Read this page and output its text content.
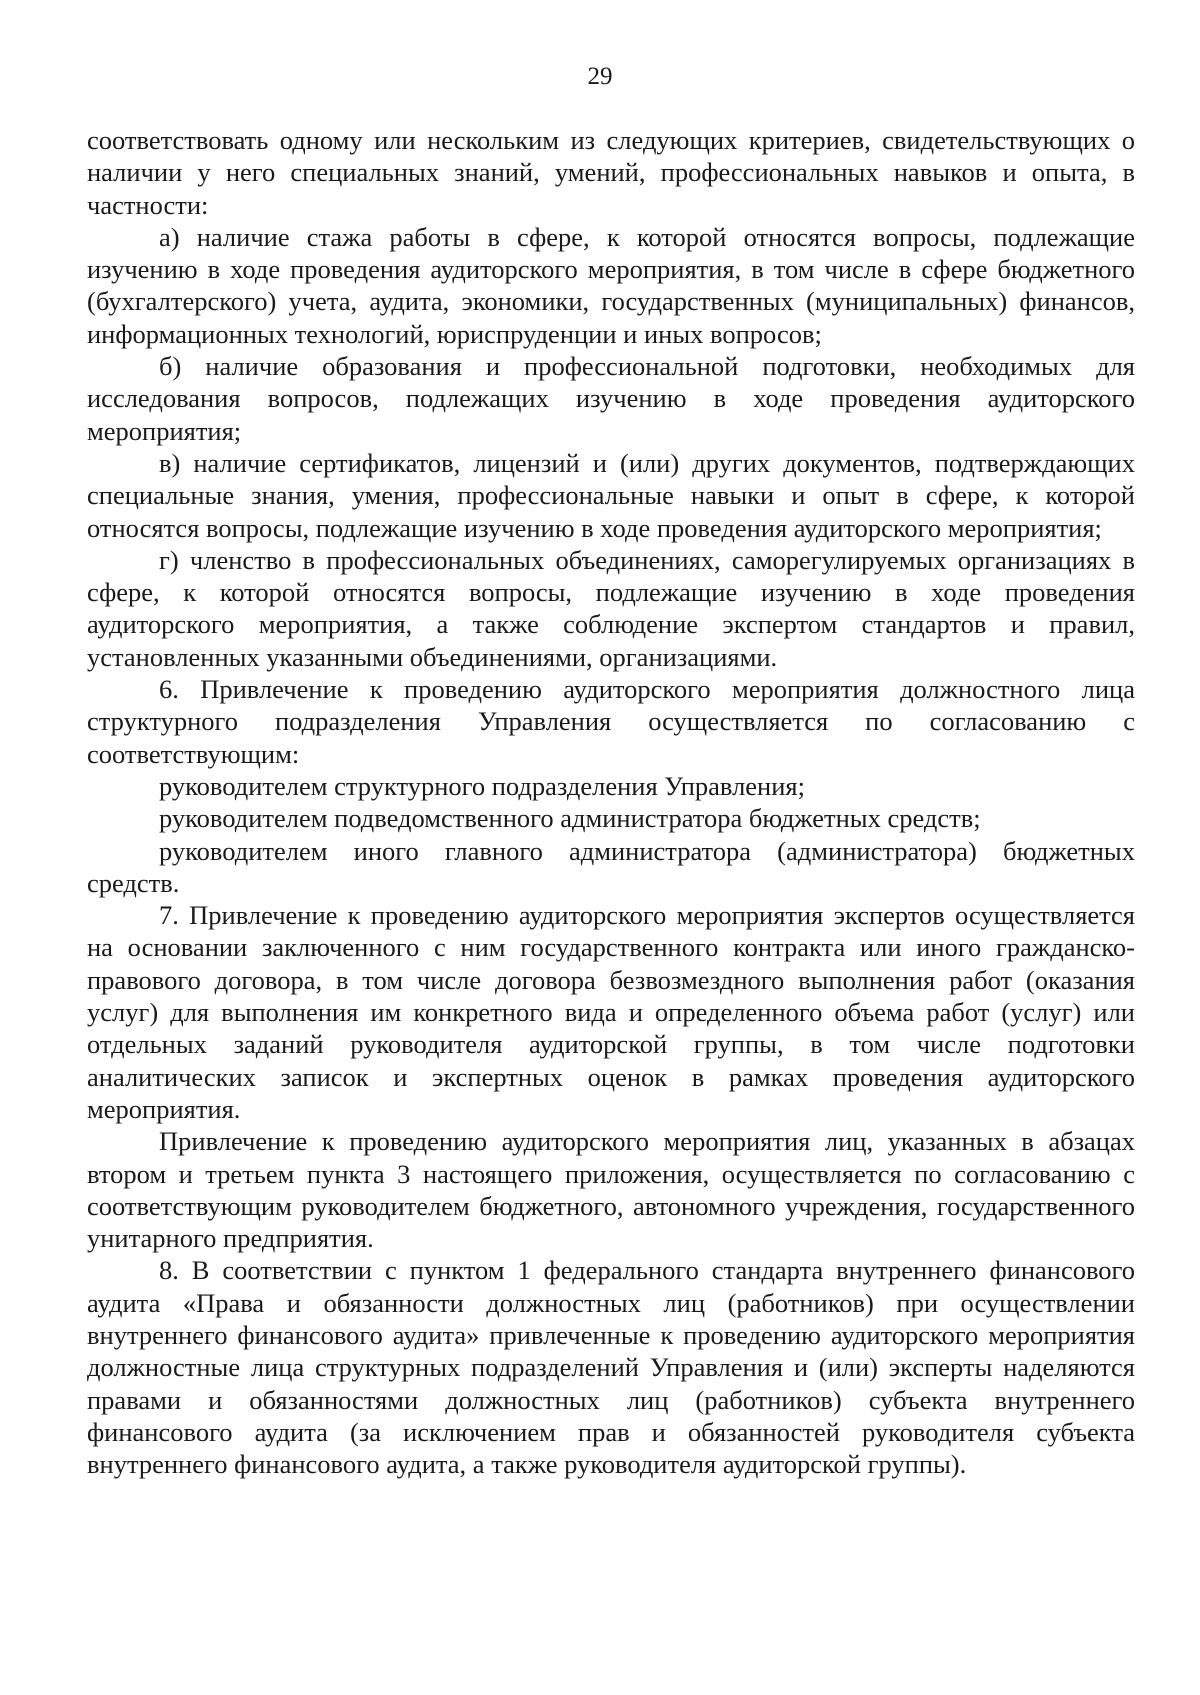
29

соответствовать одному или нескольким из следующих критериев, свидетельствующих о наличии у него специальных знаний, умений, профессиональных навыков и опыта, в частности:

а) наличие стажа работы в сфере, к которой относятся вопросы, подлежащие изучению в ходе проведения аудиторского мероприятия, в том числе в сфере бюджетного (бухгалтерского) учета, аудита, экономики, государственных (муниципальных) финансов, информационных технологий, юриспруденции и иных вопросов;

б) наличие образования и профессиональной подготовки, необходимых для исследования вопросов, подлежащих изучению в ходе проведения аудиторского мероприятия;

в) наличие сертификатов, лицензий и (или) других документов, подтверждающих специальные знания, умения, профессиональные навыки и опыт в сфере, к которой относятся вопросы, подлежащие изучению в ходе проведения аудиторского мероприятия;

г) членство в профессиональных объединениях, саморегулируемых организациях в сфере, к которой относятся вопросы, подлежащие изучению в ходе проведения аудиторского мероприятия, а также соблюдение экспертом стандартов и правил, установленных указанными объединениями, организациями.

6. Привлечение к проведению аудиторского мероприятия должностного лица структурного подразделения Управления осуществляется по согласованию с соответствующим:

руководителем структурного подразделения Управления;

руководителем подведомственного администратора бюджетных средств;

руководителем иного главного администратора (администратора) бюджетных средств.

7. Привлечение к проведению аудиторского мероприятия экспертов осуществляется на основании заключенного с ним государственного контракта или иного гражданско-правового договора, в том числе договора безвозмездного выполнения работ (оказания услуг) для выполнения им конкретного вида и определенного объема работ (услуг) или отдельных заданий руководителя аудиторской группы, в том числе подготовки аналитических записок и экспертных оценок в рамках проведения аудиторского мероприятия.

Привлечение к проведению аудиторского мероприятия лиц, указанных в абзацах втором и третьем пункта 3 настоящего приложения, осуществляется по согласованию с соответствующим руководителем бюджетного, автономного учреждения, государственного унитарного предприятия.

8. В соответствии с пунктом 1 федерального стандарта внутреннего финансового аудита «Права и обязанности должностных лиц (работников) при осуществлении внутреннего финансового аудита» привлеченные к проведению аудиторского мероприятия должностные лица структурных подразделений Управления и (или) эксперты наделяются правами и обязанностями должностных лиц (работников) субъекта внутреннего финансового аудита (за исключением прав и обязанностей руководителя субъекта внутреннего финансового аудита, а также руководителя аудиторской группы).
